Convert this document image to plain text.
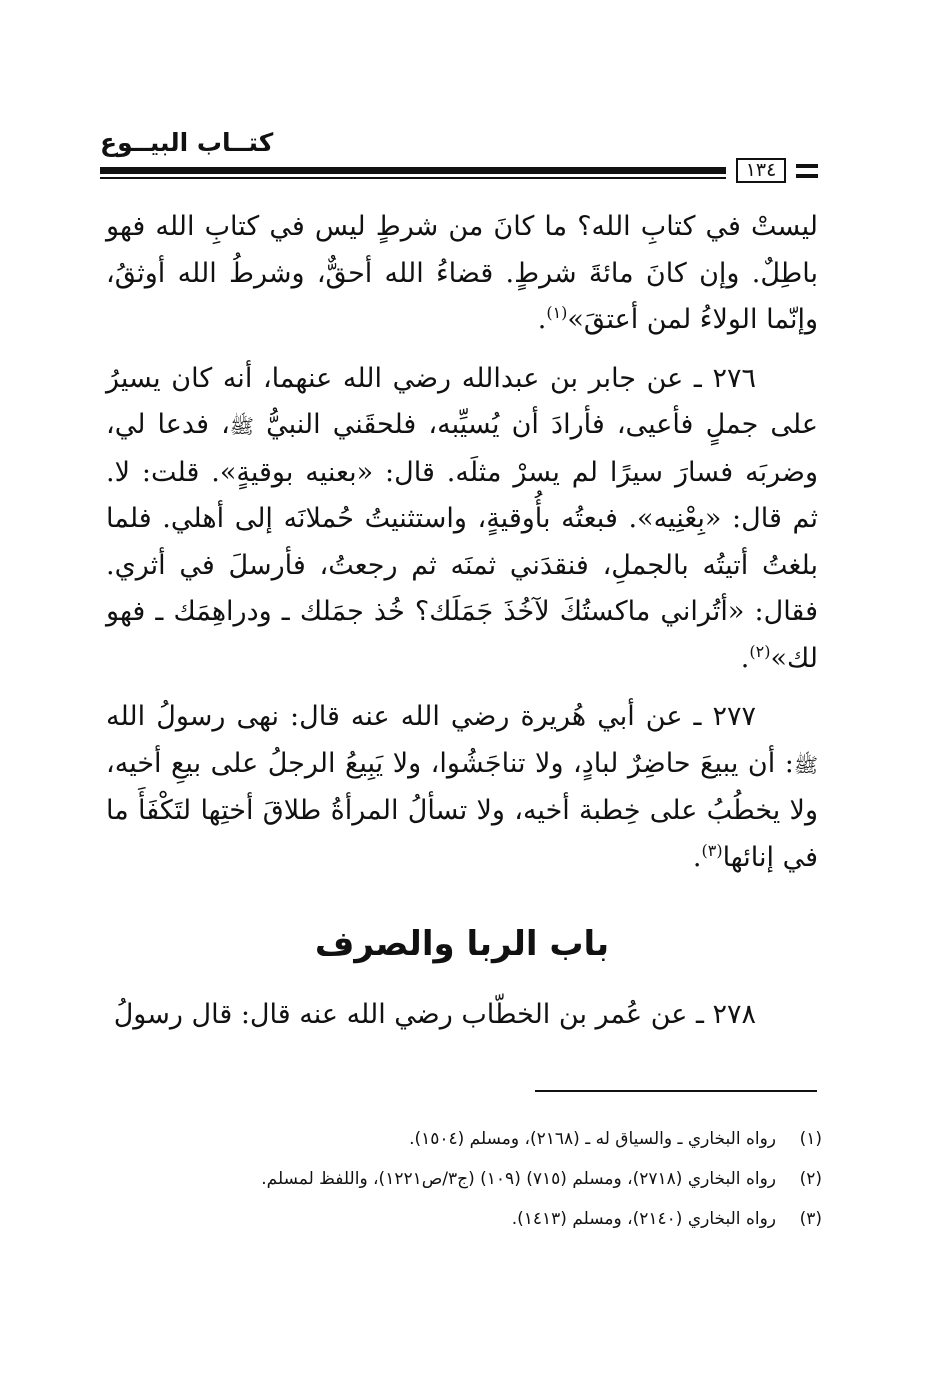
كتــاب البيــوع
١٣٤

ليستْ في كتابِ الله؟ ما كانَ من شرطٍ ليس في كتابِ الله فهو باطِلٌ. وإن كانَ مائةَ شرطٍ. قضاءُ الله أحقٌّ، وشرطُ الله أوثقُ، وإنّما الولاءُ لمن أعتقَ»$^{(١)}$.

٢٧٦ ـ عن جابر بن عبدالله رضي الله عنهما، أنه كان يسيرُ على جملٍ فأعيى، فأرادَ أن يُسيِّبه، فلحقَني النبيُّ ﷺ، فدعا لي، وضربَه فسارَ سيرًا لم يسرْ مثلَه. قال: «بعنيه بوقيةٍ». قلت: لا. ثم قال: «بِعْنِيه». فبعتُه بأُوقيةٍ، واستثنيتُ حُملانَه إلى أهلي. فلما بلغتُ أتيتُه بالجملِ، فنقدَني ثمنَه ثم رجعتُ، فأرسلَ في أثري. فقال: «أتُراني ماكستُكَ لآخُذَ جَمَلَك؟ خُذ جمَلك ـ ودراهِمَك ـ فهو لك»$^{(٢)}$.

٢٧٧ ـ عن أبي هُريرة رضي الله عنه قال: نهى رسولُ الله ﷺ: أن يبيعَ حاضِرٌ لبادٍ، ولا تناجَشُوا، ولا يَبِيعُ الرجلُ على بيعِ أخيه، ولا يخطُبُ على خِطبة أخيه، ولا تسألُ المرأةُ طلاقَ أختِها لتَكْفَأَ ما في إنائها$^{(٣)}$.

باب الربا والصرف

٢٧٨ ـ عن عُمر بن الخطّاب رضي الله عنه قال: قال رسولُ

(١)
رواه البخاري ـ والسياق له ـ (٢١٦٨)، ومسلم (١٥٠٤).
(٢)
رواه البخاري (٢٧١٨)، ومسلم (٧١٥) (١٠٩) (ج٣/ص١٢٢١)، واللفظ لمسلم.
(٣)
رواه البخاري (٢١٤٠)، ومسلم (١٤١٣).
